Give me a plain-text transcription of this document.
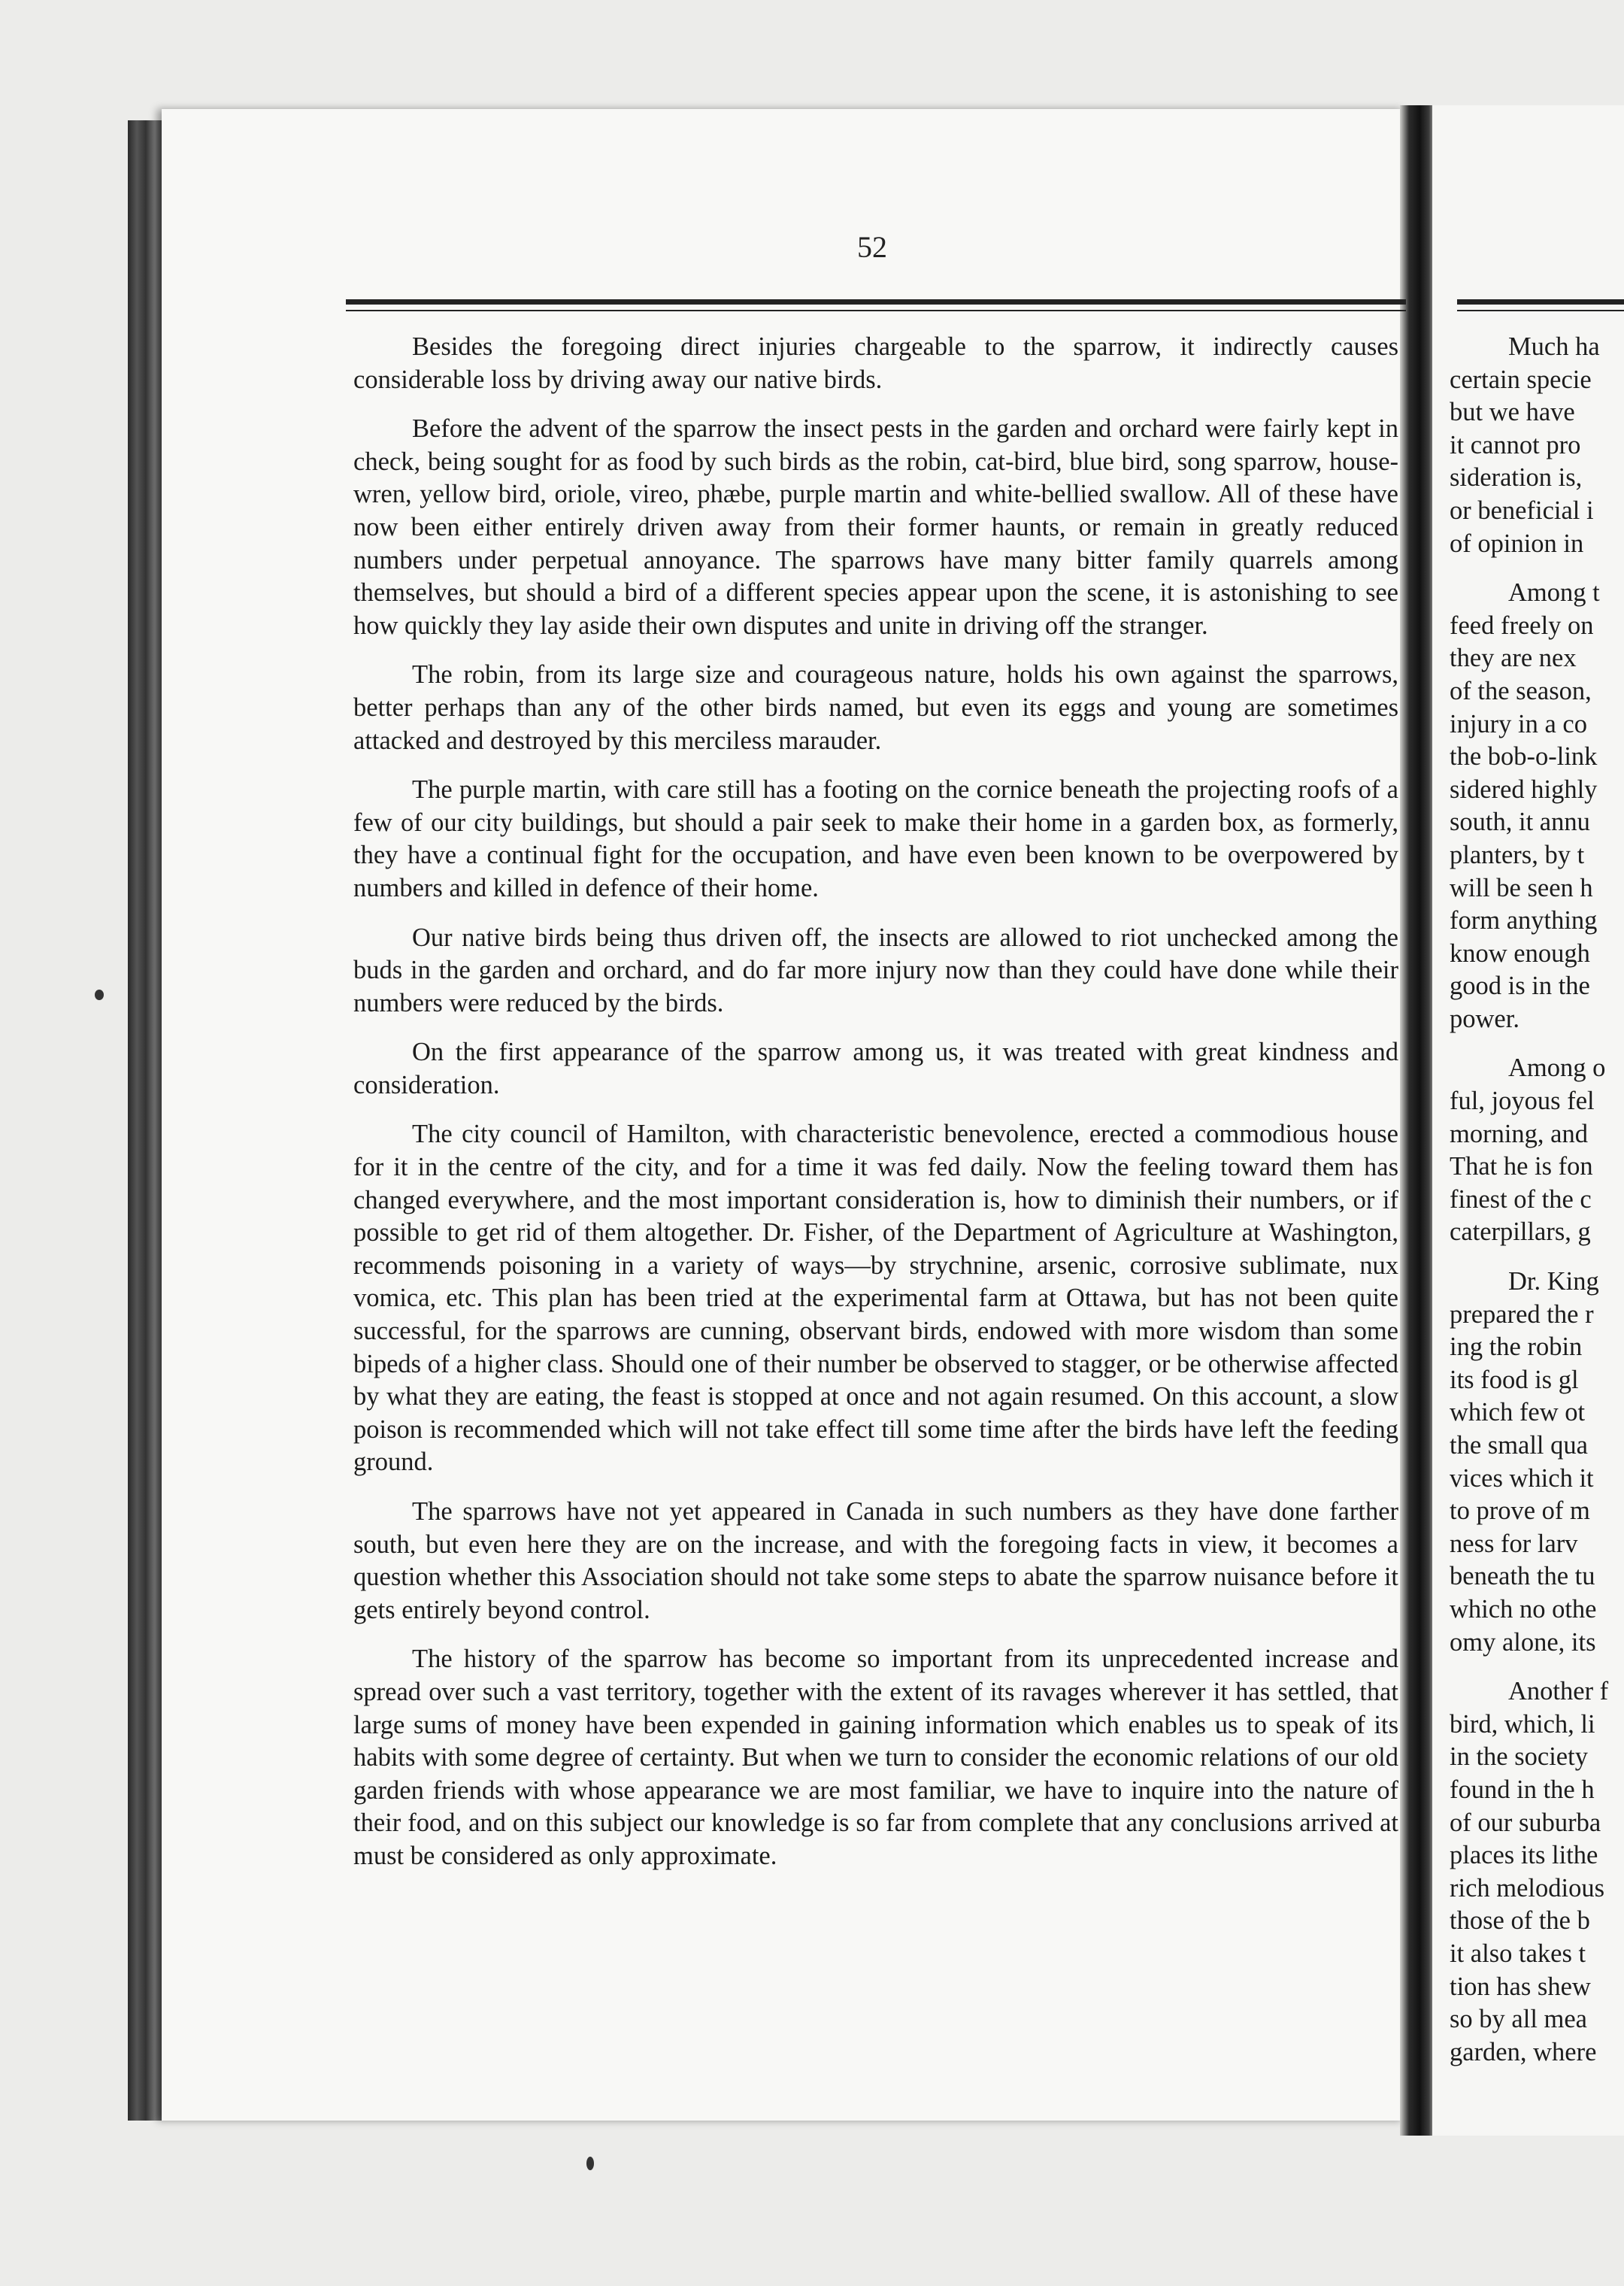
52

Besides the foregoing direct injuries chargeable to the sparrow, it indirectly causes considerable loss by driving away our native birds.

Before the advent of the sparrow the insect pests in the garden and orchard were fairly kept in check, being sought for as food by such birds as the robin, cat-bird, blue bird, song sparrow, house-wren, yellow bird, oriole, vireo, phæbe, purple martin and white-bellied swallow. All of these have now been either entirely driven away from their former haunts, or remain in greatly reduced numbers under perpetual annoyance. The sparrows have many bitter family quarrels among themselves, but should a bird of a different species appear upon the scene, it is astonishing to see how quickly they lay aside their own disputes and unite in driving off the stranger.

The robin, from its large size and courageous nature, holds his own against the sparrows, better perhaps than any of the other birds named, but even its eggs and young are sometimes attacked and destroyed by this merciless marauder.

The purple martin, with care still has a footing on the cornice beneath the projecting roofs of a few of our city buildings, but should a pair seek to make their home in a garden box, as formerly, they have a continual fight for the occupation, and have even been known to be overpowered by numbers and killed in defence of their home.

Our native birds being thus driven off, the insects are allowed to riot unchecked among the buds in the garden and orchard, and do far more injury now than they could have done while their numbers were reduced by the birds.

On the first appearance of the sparrow among us, it was treated with great kindness and consideration.

The city council of Hamilton, with characteristic benevolence, erected a commodious house for it in the centre of the city, and for a time it was fed daily. Now the feeling toward them has changed everywhere, and the most important consideration is, how to diminish their numbers, or if possible to get rid of them altogether. Dr. Fisher, of the Department of Agriculture at Washington, recommends poisoning in a variety of ways—by strychnine, arsenic, corrosive sublimate, nux vomica, etc. This plan has been tried at the experimental farm at Ottawa, but has not been quite successful, for the sparrows are cunning, observant birds, endowed with more wisdom than some bipeds of a higher class. Should one of their number be observed to stagger, or be otherwise affected by what they are eating, the feast is stopped at once and not again resumed. On this account, a slow poison is recommended which will not take effect till some time after the birds have left the feeding ground.

The sparrows have not yet appeared in Canada in such numbers as they have done farther south, but even here they are on the increase, and with the foregoing facts in view, it becomes a question whether this Association should not take some steps to abate the sparrow nuisance before it gets entirely beyond control.

The history of the sparrow has become so important from its unprecedented increase and spread over such a vast territory, together with the extent of its ravages wherever it has settled, that large sums of money have been expended in gaining information which enables us to speak of its habits with some degree of certainty. But when we turn to consider the economic relations of our old garden friends with whose appearance we are most familiar, we have to inquire into the nature of their food, and on this subject our knowledge is so far from complete that any conclusions arrived at must be considered as only approximate.

Much ha
certain specie
but we have
it cannot pro
sideration is,
or beneficial i
of opinion in
Among t
feed freely on
they are nex
of the season,
injury in a co
the bob-o-link
sidered highly
south, it annu
planters, by t
will be seen h
form anything
know enough
good is in the
power.
Among o
ful, joyous fel
morning, and
That he is fon
finest of the c
caterpillars, g
Dr. King
prepared the r
ing the robin
its food is gl
which few ot
the small qua
vices which it
to prove of m
ness for larv
beneath the tu
which no othe
omy alone, its
Another f
bird, which, li
in the society
found in the h
of our suburba
places its lithe
rich melodious
those of the b
it also takes t
tion has shew
so by all mea
garden, where
